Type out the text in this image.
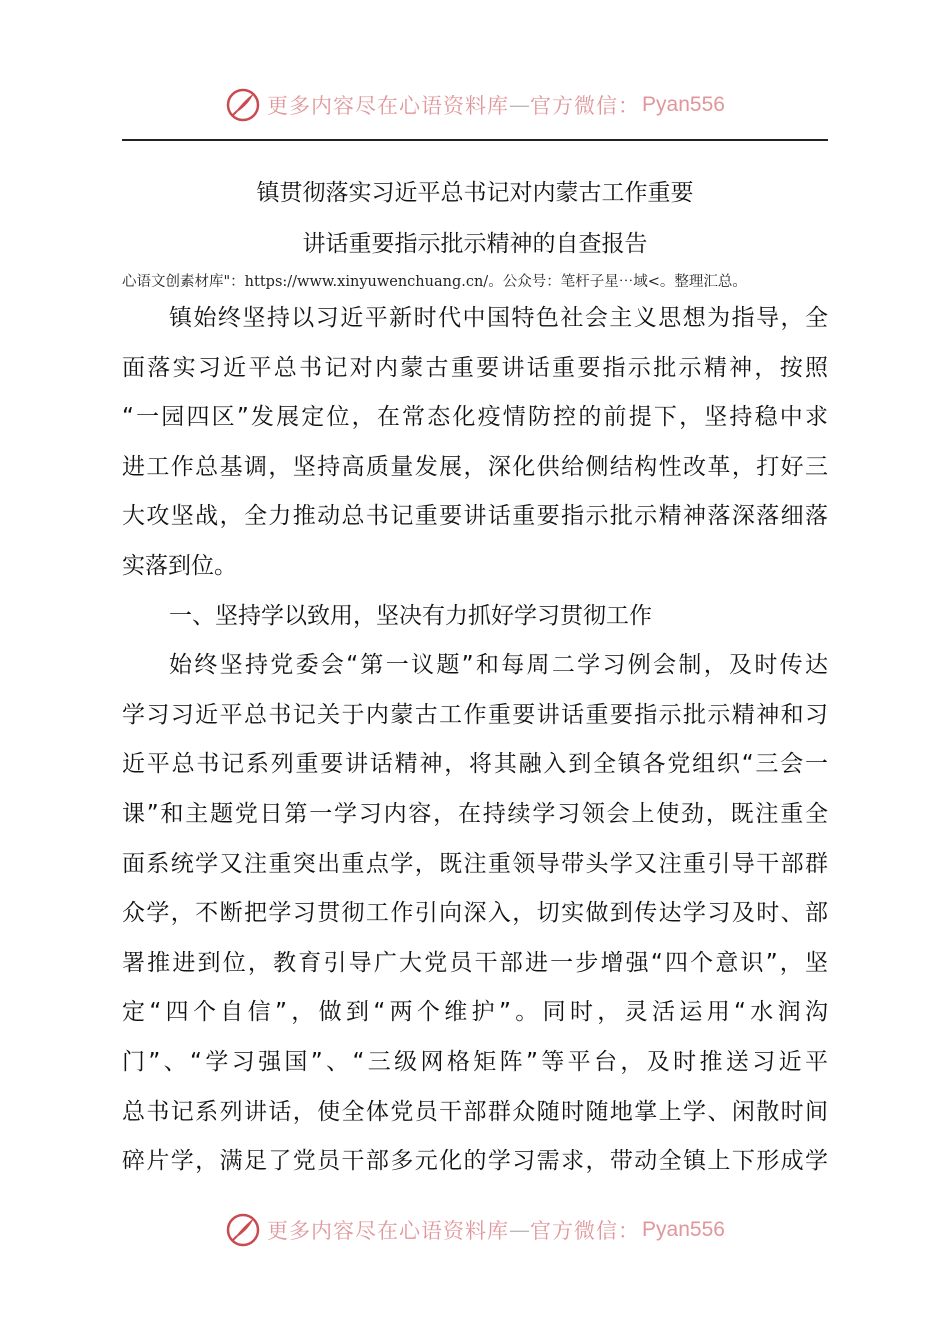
更多内容尽在心语资料库 — 官方微信： Pyan556
镇贯彻落实习近平总书记对内蒙古工作重要
讲话重要指示批示精神的自查报告
心语文创素材库"：https://www.xinyuwenchuang.cn/。公众号：笔杆子星⋯域<。整理汇总。
镇始终坚持以习近平新时代中国特色社会主义思想为指导，全
面落实习近平总书记对内蒙古重要讲话重要指示批示精神，按照
“一园四区”发展定位，在常态化疫情防控的前提下，坚持稳中求
进工作总基调，坚持高质量发展，深化供给侧结构性改革，打好三
大攻坚战，全力推动总书记重要讲话重要指示批示精神落深落细落
实落到位。
一、坚持学以致用，坚决有力抓好学习贯彻工作
始终坚持党委会“第一议题”和每周二学习例会制，及时传达
学习习近平总书记关于内蒙古工作重要讲话重要指示批示精神和习
近平总书记系列重要讲话精神，将其融入到全镇各党组织“三会一
课”和主题党日第一学习内容，在持续学习领会上使劲，既注重全
面系统学又注重突出重点学，既注重领导带头学又注重引导干部群
众学，不断把学习贯彻工作引向深入，切实做到传达学习及时、部
署推进到位，教育引导广大党员干部进一步增强“四个意识”，坚
定“四个自信”，做到“两个维护”。同时，灵活运用“水润沟
门”、“学习强国”、“三级网格矩阵”等平台，及时推送习近平
总书记系列讲话，使全体党员干部群众随时随地掌上学、闲散时间
碎片学，满足了党员干部多元化的学习需求，带动全镇上下形成学
更多内容尽在心语资料库 — 官方微信： Pyan556
